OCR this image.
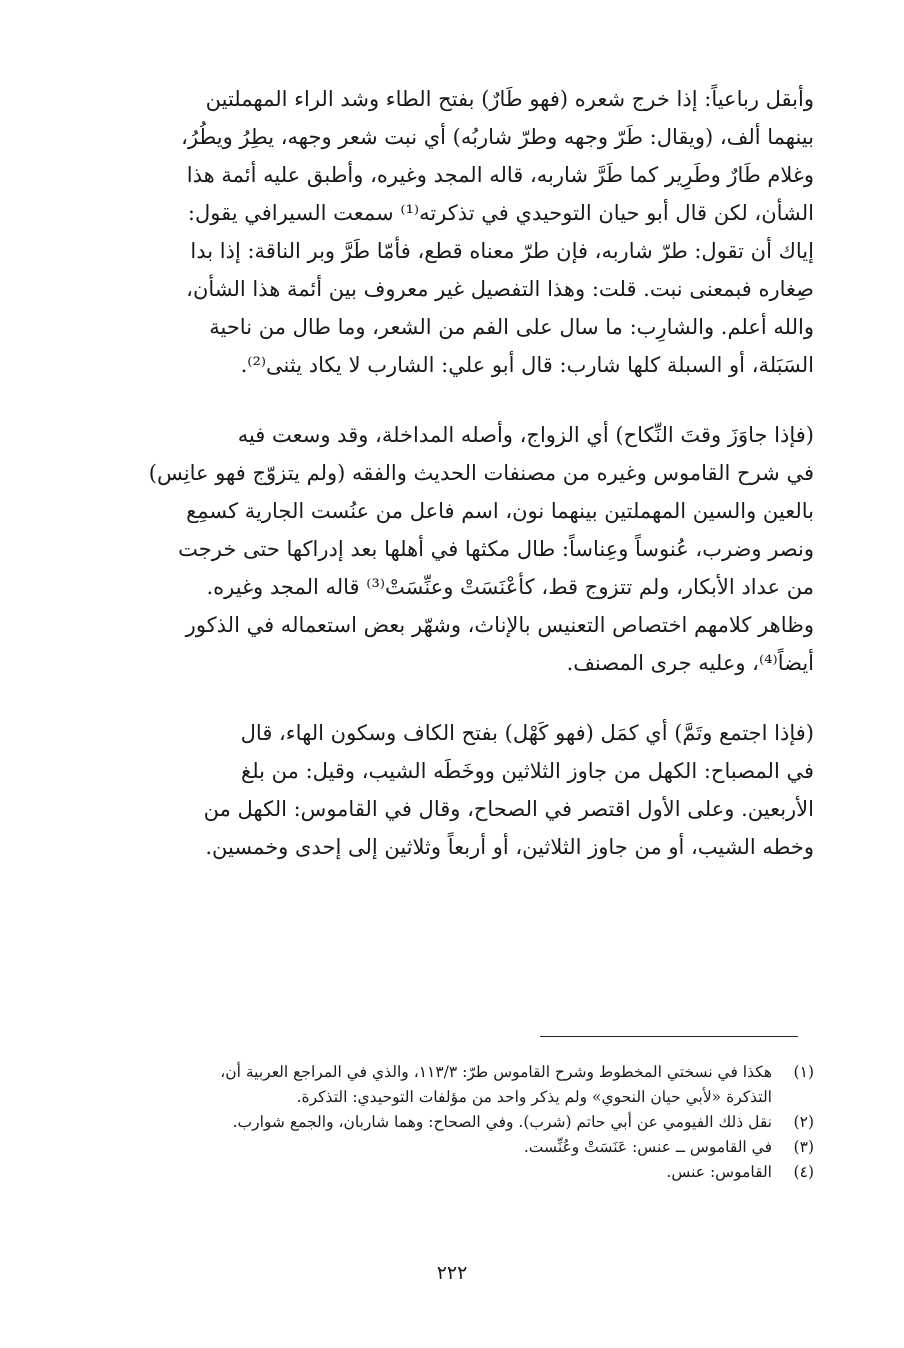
وأبقل رباعياً: إذا خرج شعره (فهو طَارٌ) بفتح الطاء وشد الراء المهملتين
بينهما ألف، (ويقال: طَرّ وجهه وطرّ شاربُه) أي نبت شعر وجهه، يطِرُ ويطُرُ،
وغلام طَارٌ وطَرِير كما طَرَّ شاربه، قاله المجد وغيره، وأطبق عليه أئمة هذا
الشأن، لكن قال أبو حيان التوحيدي في تذكرته⁽¹⁾ سمعت السيرافي يقول:
إياك أن تقول: طرّ شاربه، فإن طرّ معناه قطع، فأمّا طَرَّ وبر الناقة: إذا بدا
صِغاره فبمعنى نبت. قلت: وهذا التفصيل غير معروف بين أئمة هذا الشأن،
والله أعلم. والشارِب: ما سال على الفم من الشعر، وما طال من ناحية
السَبَلة، أو السبلة كلها شارب: قال أبو علي: الشارب لا يكاد يثنى⁽²⁾.

(فإذا جاوَزَ وقتَ النِّكاح) أي الزواج، وأصله المداخلة، وقد وسعت فيه
في شرح القاموس وغيره من مصنفات الحديث والفقه (ولم يتزوّج فهو عانِس)
بالعين والسين المهملتين بينهما نون، اسم فاعل من عنُست الجارية كسمِع
ونصر وضرب، عُنوساً وعِناساً: طال مكثها في أهلها بعد إدراكها حتى خرجت
من عداد الأبكار، ولم تتزوج قط، كأعْنَسَتْ وعنِّسَتْ⁽³⁾ قاله المجد وغيره.
وظاهر كلامهم اختصاص التعنيس بالإناث، وشهّر بعض استعماله في الذكور
أيضاً⁽⁴⁾، وعليه جرى المصنف.

(فإذا اجتمع وتَمَّ) أي كمَل (فهو كَهْل) بفتح الكاف وسكون الهاء، قال
في المصباح: الكهل من جاوز الثلاثين ووخَطَه الشيب، وقيل: من بلغ
الأربعين. وعلى الأول اقتصر في الصحاح، وقال في القاموس: الكهل من
وخطه الشيب، أو من جاوز الثلاثين، أو أربعاً وثلاثين إلى إحدى وخمسين.

(١)
هكذا في نسختي المخطوط وشرح القاموس طرّ: ١١٣/٣، والذي في المراجع العربية أن،
التذكرة «لأبي حيان النحوي» ولم يذكر واحد من مؤلفات التوحيدي: التذكرة.
(٢)
نقل ذلك الفيومي عن أبي حاتم (شرب). وفي الصحاح: وهما شاربان، والجمع شوارب.
(٣)
في القاموس ــ عنس: عَنَسَتْ وعُنِّست.
(٤)
القاموس: عنس.
٢٢٢
